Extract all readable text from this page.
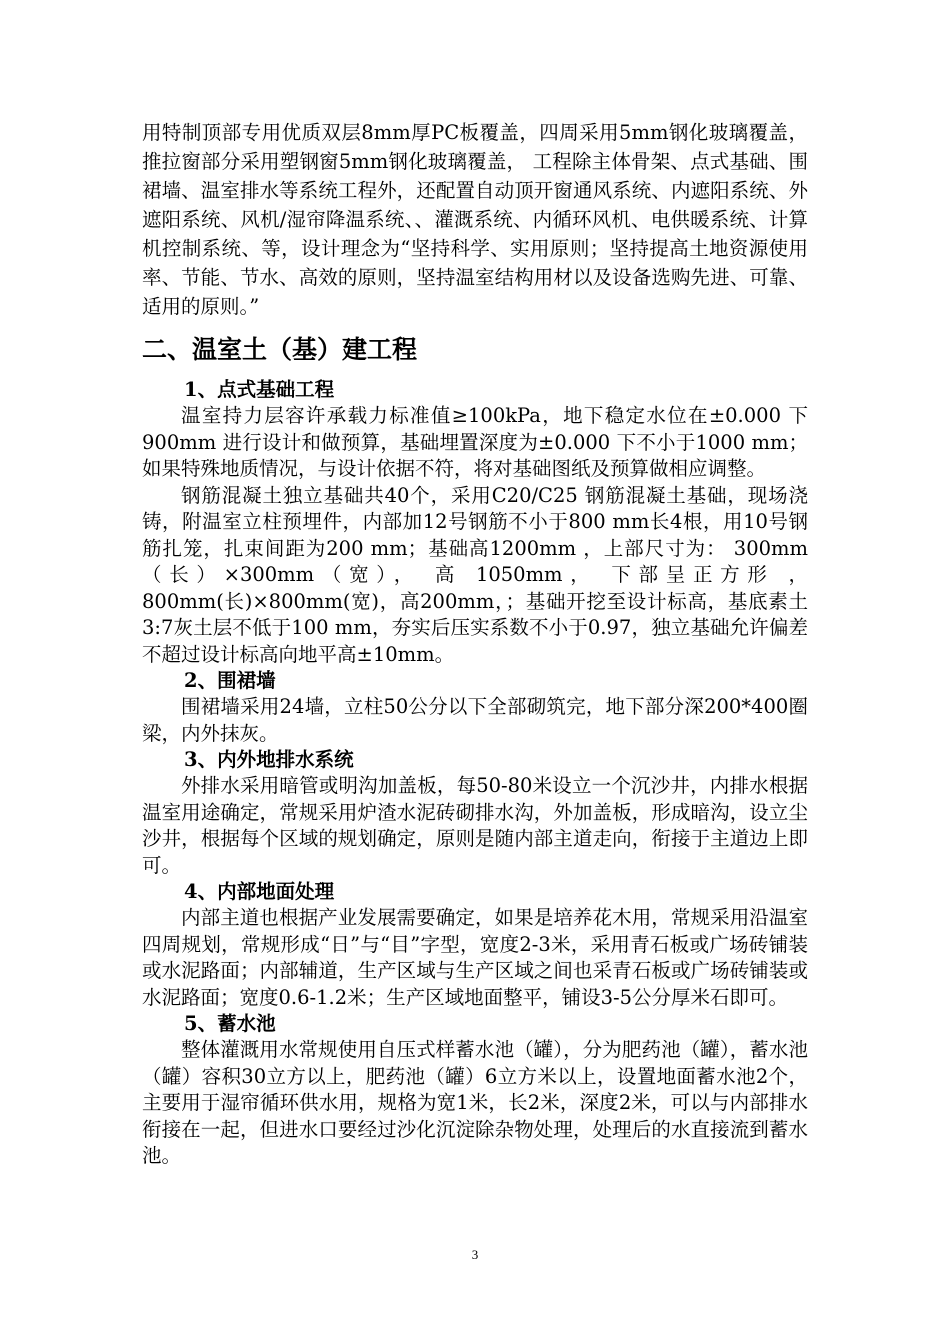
用特制顶部专用优质双层8mm厚PC板覆盖，四周采用5mm钢化玻璃覆盖，推拉窗部分采用塑钢窗5mm钢化玻璃覆盖， 工程除主体骨架、点式基础、围裙墙、温室排水等系统工程外，还配置自动顶开窗通风系统、内遮阳系统、外遮阳系统、风机/湿帘降温系统、、灌溉系统、内循环风机、电供暖系统、计算机控制系统、等，设计理念为“坚持科学、实用原则；坚持提高土地资源使用率、节能、节水、高效的原则，坚持温室结构用材以及设备选购先进、可靠、适用的原则。”

二、温室土（基）建工程
1、点式基础工程

温室持力层容许承载力标准值≥100kPa，地下稳定水位在±0.000 下900mm 进行设计和做预算，基础埋置深度为±0.000 下不小于1000 mm；如果特殊地质情况，与设计依据不符，将对基础图纸及预算做相应调整。

钢筋混凝土独立基础共40个，采用C20/C25 钢筋混凝土基础，现场浇铸，附温室立柱预埋件，内部加12号钢筋不小于800 mm长4根，用10号钢筋扎笼，扎束间距为200 mm；基础高1200mm ，上部尺寸为： 300mm（长）×300mm（宽）， 高 1050mm， 下部呈正方形 ，800mm(长)×800mm(宽)，高200mm，；基础开挖至设计标高，基底素土3:7灰土层不低于100 mm，夯实后压实系数不小于0.97，独立基础允许偏差不超过设计标高向地平高±10mm。

2、围裙墙

围裙墙采用24墙，立柱50公分以下全部砌筑完，地下部分深200*400圈梁，内外抹灰。

3、内外地排水系统

外排水采用暗管或明沟加盖板，每50-80米设立一个沉沙井，内排水根据温室用途确定，常规采用炉渣水泥砖砌排水沟，外加盖板，形成暗沟，设立尘沙井，根据每个区域的规划确定，原则是随内部主道走向，衔接于主道边上即可。

4、内部地面处理

内部主道也根据产业发展需要确定，如果是培养花木用，常规采用沿温室四周规划，常规形成“日”与“目”字型，宽度2-3米，采用青石板或广场砖铺装或水泥路面；内部辅道，生产区域与生产区域之间也采青石板或广场砖铺装或水泥路面；宽度0.6-1.2米；生产区域地面整平，铺设3-5公分厚米石即可。

5、蓄水池

整体灌溉用水常规使用自压式样蓄水池（罐），分为肥药池（罐），蓄水池（罐）容积30立方以上，肥药池（罐）6立方米以上，设置地面蓄水池2个，主要用于湿帘循环供水用，规格为宽1米，长2米，深度2米，可以与内部排水衔接在一起，但进水口要经过沙化沉淀除杂物处理，处理后的水直接流到蓄水池。

3
